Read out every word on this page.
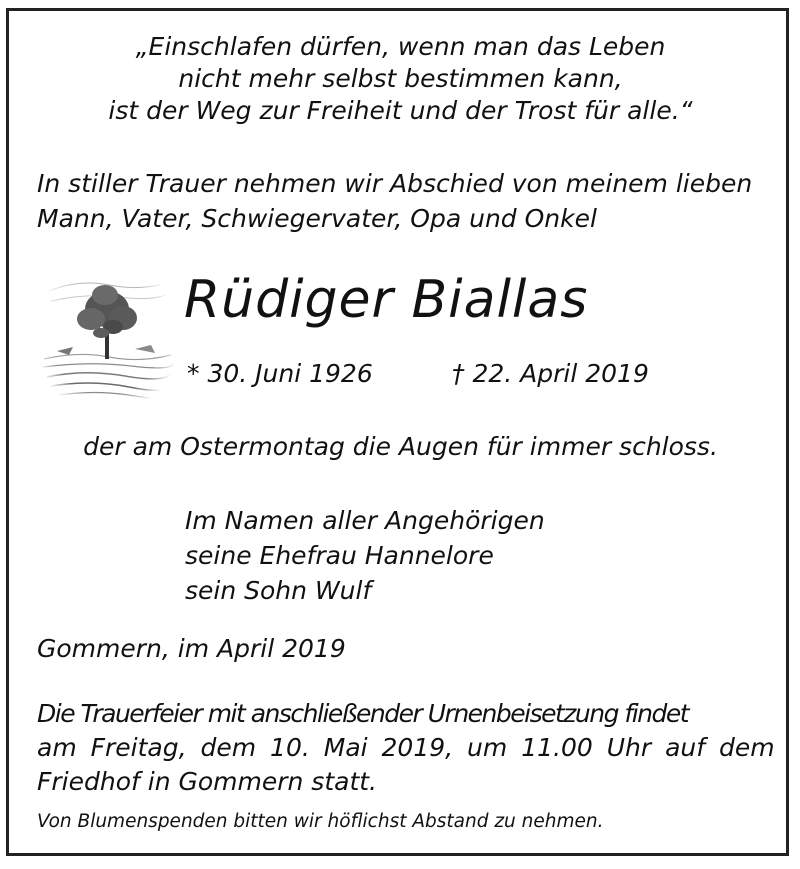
„Einschlafen dürfen, wenn man das Leben
nicht mehr selbst bestimmen kann,
ist der Weg zur Freiheit und der Trost für alle.“
In stiller Trauer nehmen wir Abschied von meinem lieben
Mann, Vater, Schwiegervater, Opa und Onkel
Rüdiger Biallas
* 30. Juni 1926	† 22. April 2019
der am Ostermontag die Augen für immer schloss.
Im Namen aller Angehörigen
seine Ehefrau Hannelore
sein Sohn Wulf
Gommern, im April 2019
Die Trauerfeier mit anschließender Urnenbeisetzung findet
am Freitag, dem 10. Mai 2019, um 11.00 Uhr auf dem
Friedhof in Gommern statt.
Von Blumenspenden bitten wir höflichst Abstand zu nehmen.
